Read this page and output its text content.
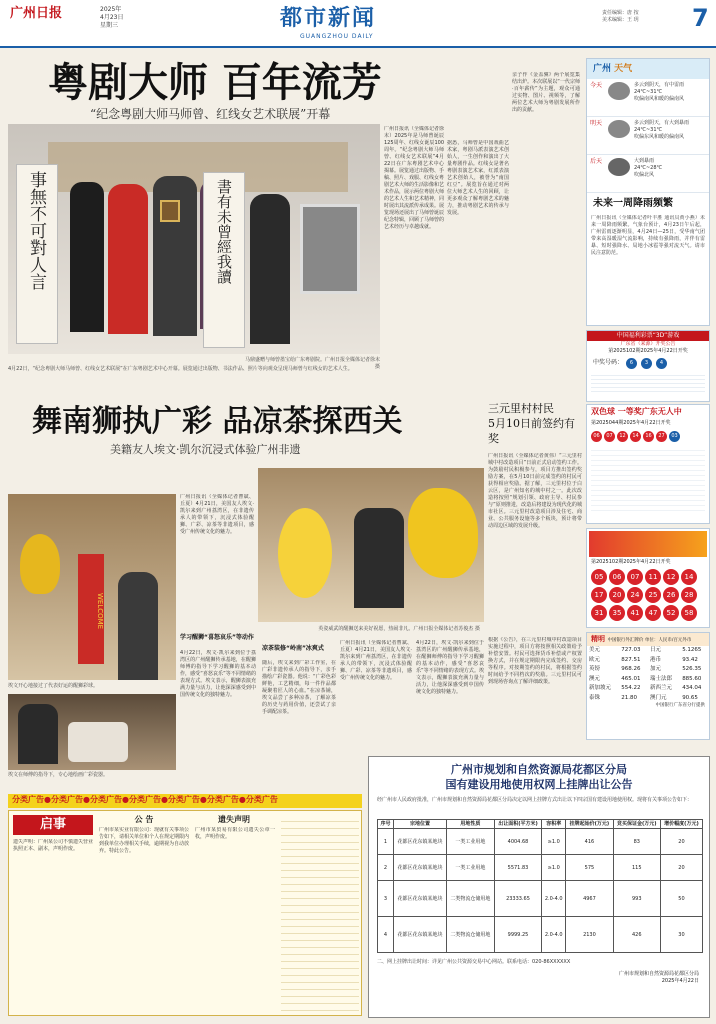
广州日报	2025年
4月23日
星期三	都市新闻
GUANGZHOU DAILY
责任编辑：唐 按
美术编辑：王 玥 7
粤剧大师 百年流芳
“纪念粤剧大师马师曾、红线女艺术联展”开幕
事無不可對人言	書有未曾經我讀
马鼎盛赠与师曾墨宝给广东粤剧院。广州日报全媒体记者徐末 摄
4月22日，“纪念粤剧大师马师曾、红线女艺术联展”在广东粤剧艺术中心开幕。展览通过出版物、书法作品、照片等向观众呈现马师曾与红线女的艺术人生。
广州日报讯（全媒体记者徐末）2025年是马师曾诞辰125周年、红线女诞辰100周年。“纪念粤剧大师马师曾、红线女艺术联展”4月22日在广东粤剧艺术中心揭幕。展览通过出版物、手稿、照片、戏服、红线女粤剧艺术大师的生活影像和艺术作品，展示两位粤剧大师的艺术人生和艺术精神，同时展出其流派传承成果。展览现场还展出了马师曾诞辰纪念特辑，回顾了马师曾的艺术经历与卓越成就。
据悉，马师曾是中国戏曲艺术家，粤剧马派表演艺术创始人，一生创作和演出了大量粤剧作品。红线女是著名粤剧表演艺术家，红派表演艺术创始人，被誉为“南国红豆”。展览旨在通过对两位大师艺术人生的回顾，让更多观众了解粤剧艺术的魅力，推动粤剧艺术的传承与发展。
亲子作《金盖骥》两个展览集结出炉。本次联展以“一代宗师·百年薪传”为主题，观众可通过实物、图片、视频等，了解两位艺术大师为粤剧发展所作出的贡献。
广州 天气
今天	多云到阴天，有中雷雨
24℃~31℃
吹偏南风和暖的偏南风
明天	多云到阴天，有大到暴雨
24℃~31℃
吹偏东风和暖的偏南风
后天	大到暴雨
24℃~28℃
吹偏北风
未来一周降雨频繁
广州日报讯（全媒体记者叶丰胜 通讯员黄小燕）未来一周降雨频繁。气象台预计，4月23日午后起，广州雷雨逐渐明显，4月24日—25日，受华南气团带来高湿暖湿气流影响，持续有强降雨，并伴有雷暴、短时强降水、局地小冰雹等强对流天气。请市民注意防范。
中国福利彩票“3D”游戏
广东省（来源）开奖公告
第2025102期2025年4月22日开奖
中奖号码：	6	3	4
双色球 一等奖广东无人中
第2025044期2025年4月22日开奖
06	07	12	14	16	27	03
第2025102期2025年4月22日开奖
05	06	07	11	12	14
17	20	24	25	26	28
31	35	41	47	52	58
精明 中国银行外汇牌价 单位：人民币/百元外币
美元	727.03	日元	5.1265
欧元	827.51	港币	93.42
英镑	968.26	加元	526.35
澳元	465.01	瑞士法郎	885.60
新加坡元	554.22	新西兰元	434.04
泰铢	21.80	澳门元	90.65
中国银行广东省分行提供
舞南狮执广彩 品凉茶探西关
美籍友人埃文·凯尔沉浸式体验广州非遗
WELCOME
埃文开心地接过了代表好运的醒狮彩球。
广州日报讯（全媒体记者曹斌、丘夏）4月21日，美国友人埃文·凯尔来到广州荔湾区，在非遗传承人的带领下，沉浸式体验醒狮、广彩、凉茶等非遗项目，感受广州传统文化的魅力。
学习醒狮“喜怒哀乐”等动作
4月22日，埃文·凯尔来到位于荔湾区的广州醒狮传承基地，在醒狮师傅的指导下学习醒狮的基本动作，感受“喜怒哀乐”等不同情绪的表现方式。埃文表示，醒狮表演充满力量与活力，让他深深感受到中国传统文化的独特魅力。
英姿威武的醒狮送来美好祝愿，热闹非凡。广州日报全媒体记者苏俊杰 摄
埃文在师傅的指导下，专心地绘画广彩瓷器。
凉茶装修“岭南”冰爽式
随后，埃文来到广彩工作室，在广彩非遗传承人的指导下，亲手描绘广彩瓷器。他说：“广彩色彩鲜艳，工艺精细，每一件作品都凝聚着匠人的心血。”在凉茶铺，埃文品尝了多种凉茶，了解凉茶的历史与药用价值，还尝试了亲手调配凉茶。
广州日报讯（全媒体记者曹斌、丘夏）4月21日，美国友人埃文·凯尔来到广州荔湾区，在非遗传承人的带领下，沉浸式体验醒狮、广彩、凉茶等非遗项目，感受广州传统文化的魅力。
4月22日，埃文·凯尔来到位于荔湾区的广州醒狮传承基地，在醒狮师傅的指导下学习醒狮的基本动作，感受“喜怒哀乐”等不同情绪的表现方式。埃文表示，醒狮表演充满力量与活力，让他深深感受到中国传统文化的独特魅力。
三元里村村民
5月10日前签约有奖
广州日报讯（全媒体记者黄伟）“三元里村城中村改造项目”日前正式启动签约工作。为鼓励村民积极参与，项目方推出签约奖励方案，在5月10日前完成签约的村民可获得相应奖励。据了解，三元里村位于白云区，是广州知名的城中村之一。此次改造将按照“规划引领、政府主导、村民参与”原则推进，改造后将建设为现代化的城市社区。三元里村改造项目涉及住宅、商业、公共服务设施等多个板块，预计将带动周边区域的发展升级。
根据《公告》，在三元里村城中村改造项目实施过程中，项目方将按照相关政策给予补偿安置。村民可选择货币补偿或产权置换方式，并在规定期限内完成签约、交房等程序。对按期签约的村民，将根据签约时间给予不同档次的奖励。三元里村民可到现场咨询点了解详细政策。
分类广告●分类广告●分类广告●分类广告●分类广告●分类广告●分类广告
启事
遗失声明：广州某公司不慎遗失营业执照正本、副本，声明作废。
公 告
广州市某实业有限公司：现就有关事项公告如下，请相关单位和个人在规定期限内到我单位办理相关手续，逾期视为自动放弃。特此公告。
遗失声明
广州市某贸易有限公司遗失公章一枚，声明作废。
广州市规划和自然资源局花都区分局
国有建设用地使用权网上挂牌出让公告
经广州市人民政府批准，广州市规划和自然资源局花都区分局决定以网上挂牌方式出让以下四宗国有建设用地使用权。现将有关事项公告如下：
序号	宗地位置	用地性质	出让面积(平方米)	容积率	挂牌起始价(万元)	竞买保证金(万元)	增价幅度(万元)
1	花都区花东镇某地块	一类工业用地	4004.68	≥1.0	416	83	20
2	花都区花东镇某地块	一类工业用地	5571.83	≥1.0	575	115	20
3	花都区花东镇某地块	二类物流仓储用地	23333.65	2.0-4.0	4967	993	50
4	花都区花东镇某地块	二类物流仓储用地	9999.25	2.0-4.0	2130	426	30
二、网上挂牌出让时间：详见广州公共资源交易中心网站。联系电话：020-86XXXXXX
广州市规划和自然资源局花都区分局
2025年4月22日
